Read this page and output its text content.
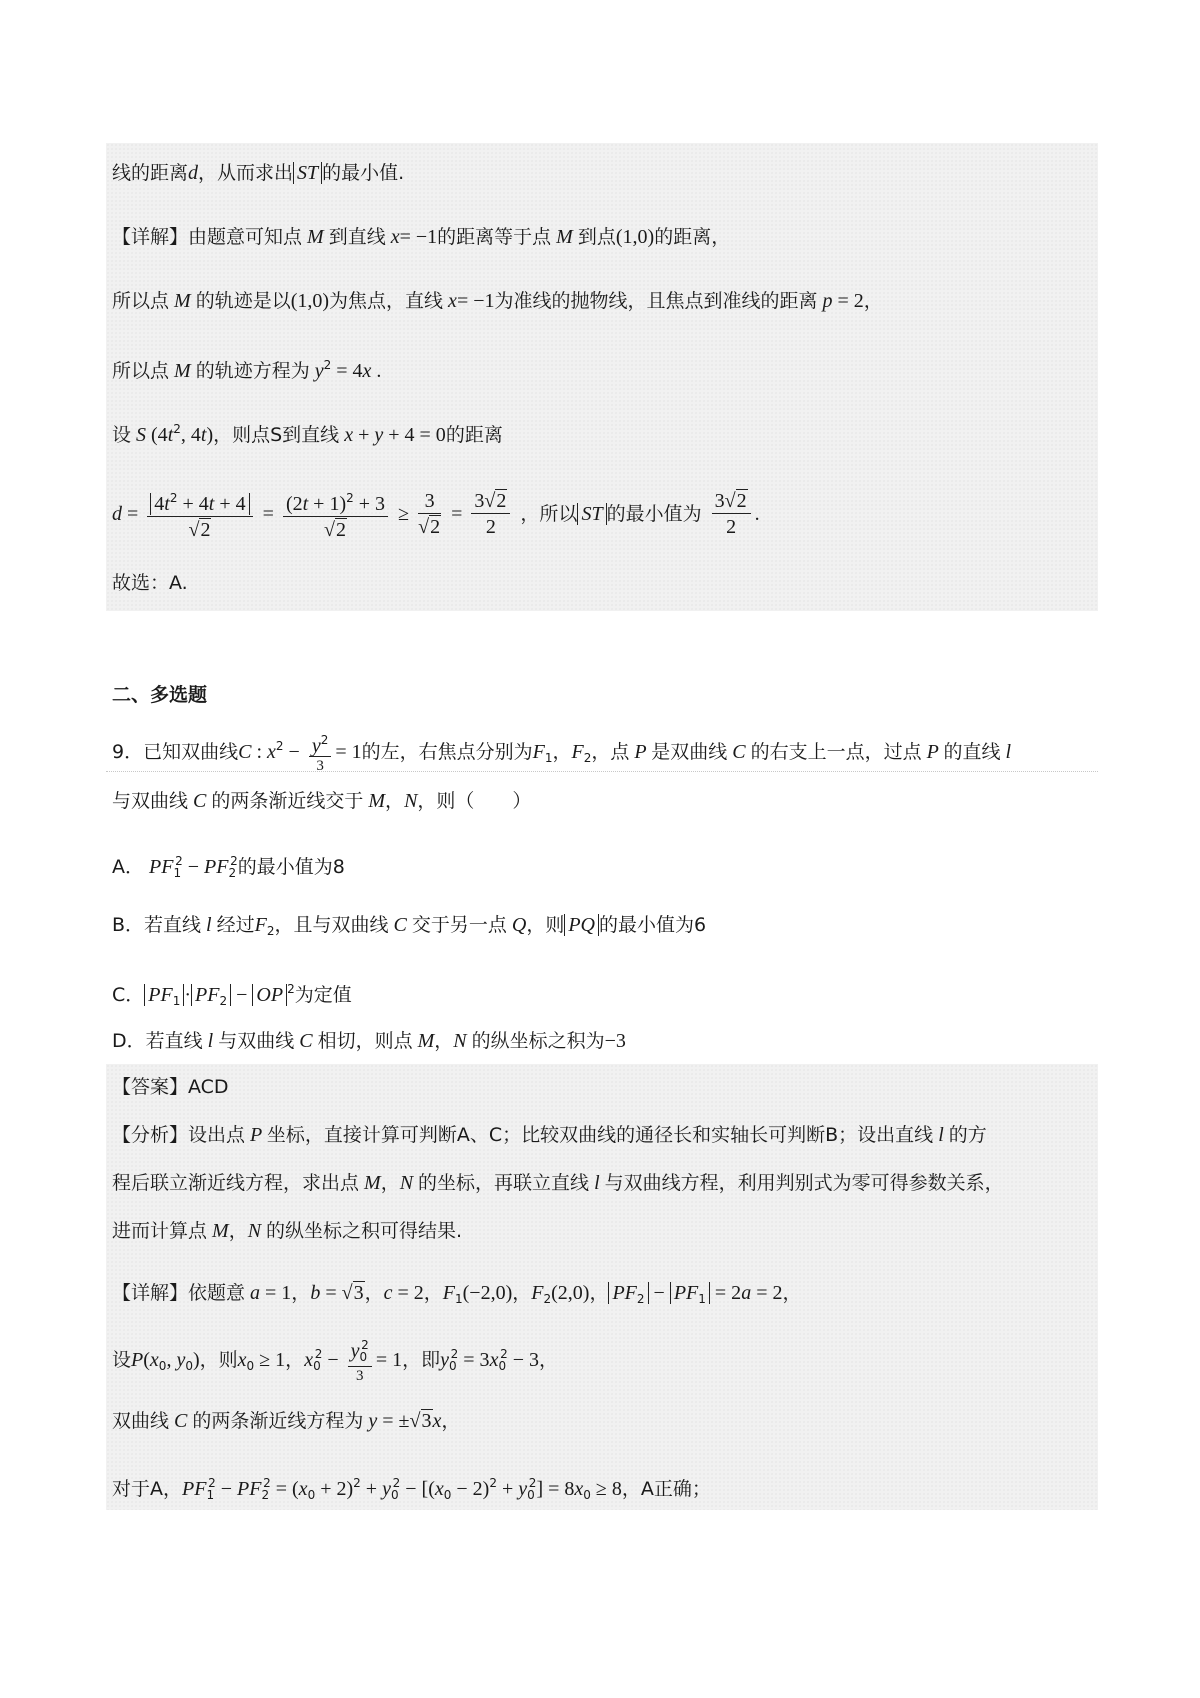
线的距离d，从而求出 ST 的最小值.
【详解】由题意可知点 M 到直线 x= −1的距离等于点 M 到点(1,0)的距离，
所以点 M 的轨迹是以(1,0)为焦点，直线 x= −1为准线的抛物线，且焦点到准线的距离 p = 2，
所以点 M 的轨迹方程为 $y^2 = 4x$ .
设 S ($4t^2$, 4t)，则点S到直线 x + y + 4 = 0的距离
$d = \frac{4t^2 + 4t + 4}{√2} = \frac{(2t + 1)^2 + 3}{√2} \ge \frac{3}{√2} = \frac{3√2}{2}$ ，所以 ST 的最小值为 $\frac{3√2}{2}$ .
故选：A.
二、多选题
9．已知双曲线C : $x^2 - \frac{y^2}{3} = 1$的左，右焦点分别为$F_1$，$F_2$，点 P 是双曲线 C 的右支上一点，过点 P 的直线 l
与双曲线 C 的两条渐近线交于 M，N，则（　　）
A． $PF_1^2 - PF_2^2$的最小值为8
B．若直线 l 经过$F_2$，且与双曲线 C 交于另一点 Q，则 PQ 的最小值为6
C． $PF_1 \cdot PF_2$ − OP $^2$为定值
D．若直线 l 与双曲线 C 相切，则点 M，N 的纵坐标之积为−3
【答案】ACD
【分析】设出点 P 坐标，直接计算可判断A、C；比较双曲线的通径长和实轴长可判断B；设出直线 l 的方
程后联立渐近线方程，求出点 M，N 的坐标，再联立直线 l 与双曲线方程，利用判别式为零可得参数关系，
进而计算点 M，N 的纵坐标之积可得结果.
【详解】依题意 a = 1，b = √3，c = 2，$F_1(-2,0)$，$F_2(2,0)$， $PF_2 - PF_1 = 2a = 2$，
设$P(x_0$, $y_0$)，则$x_0 \ge 1$，$x_0^2 - \frac{y_0^2}{3} = 1$，即$y_0^2 = 3x_0^2 - 3$，
双曲线 C 的两条渐近线方程为 y = ±√3x，
对于A，$PF_1^2 - PF_2^2 = (x_0 + 2)^2 + y_0^2 - [(x_0 - 2)^2 + y_0^2] = 8x_0 \ge 8$，A正确；
